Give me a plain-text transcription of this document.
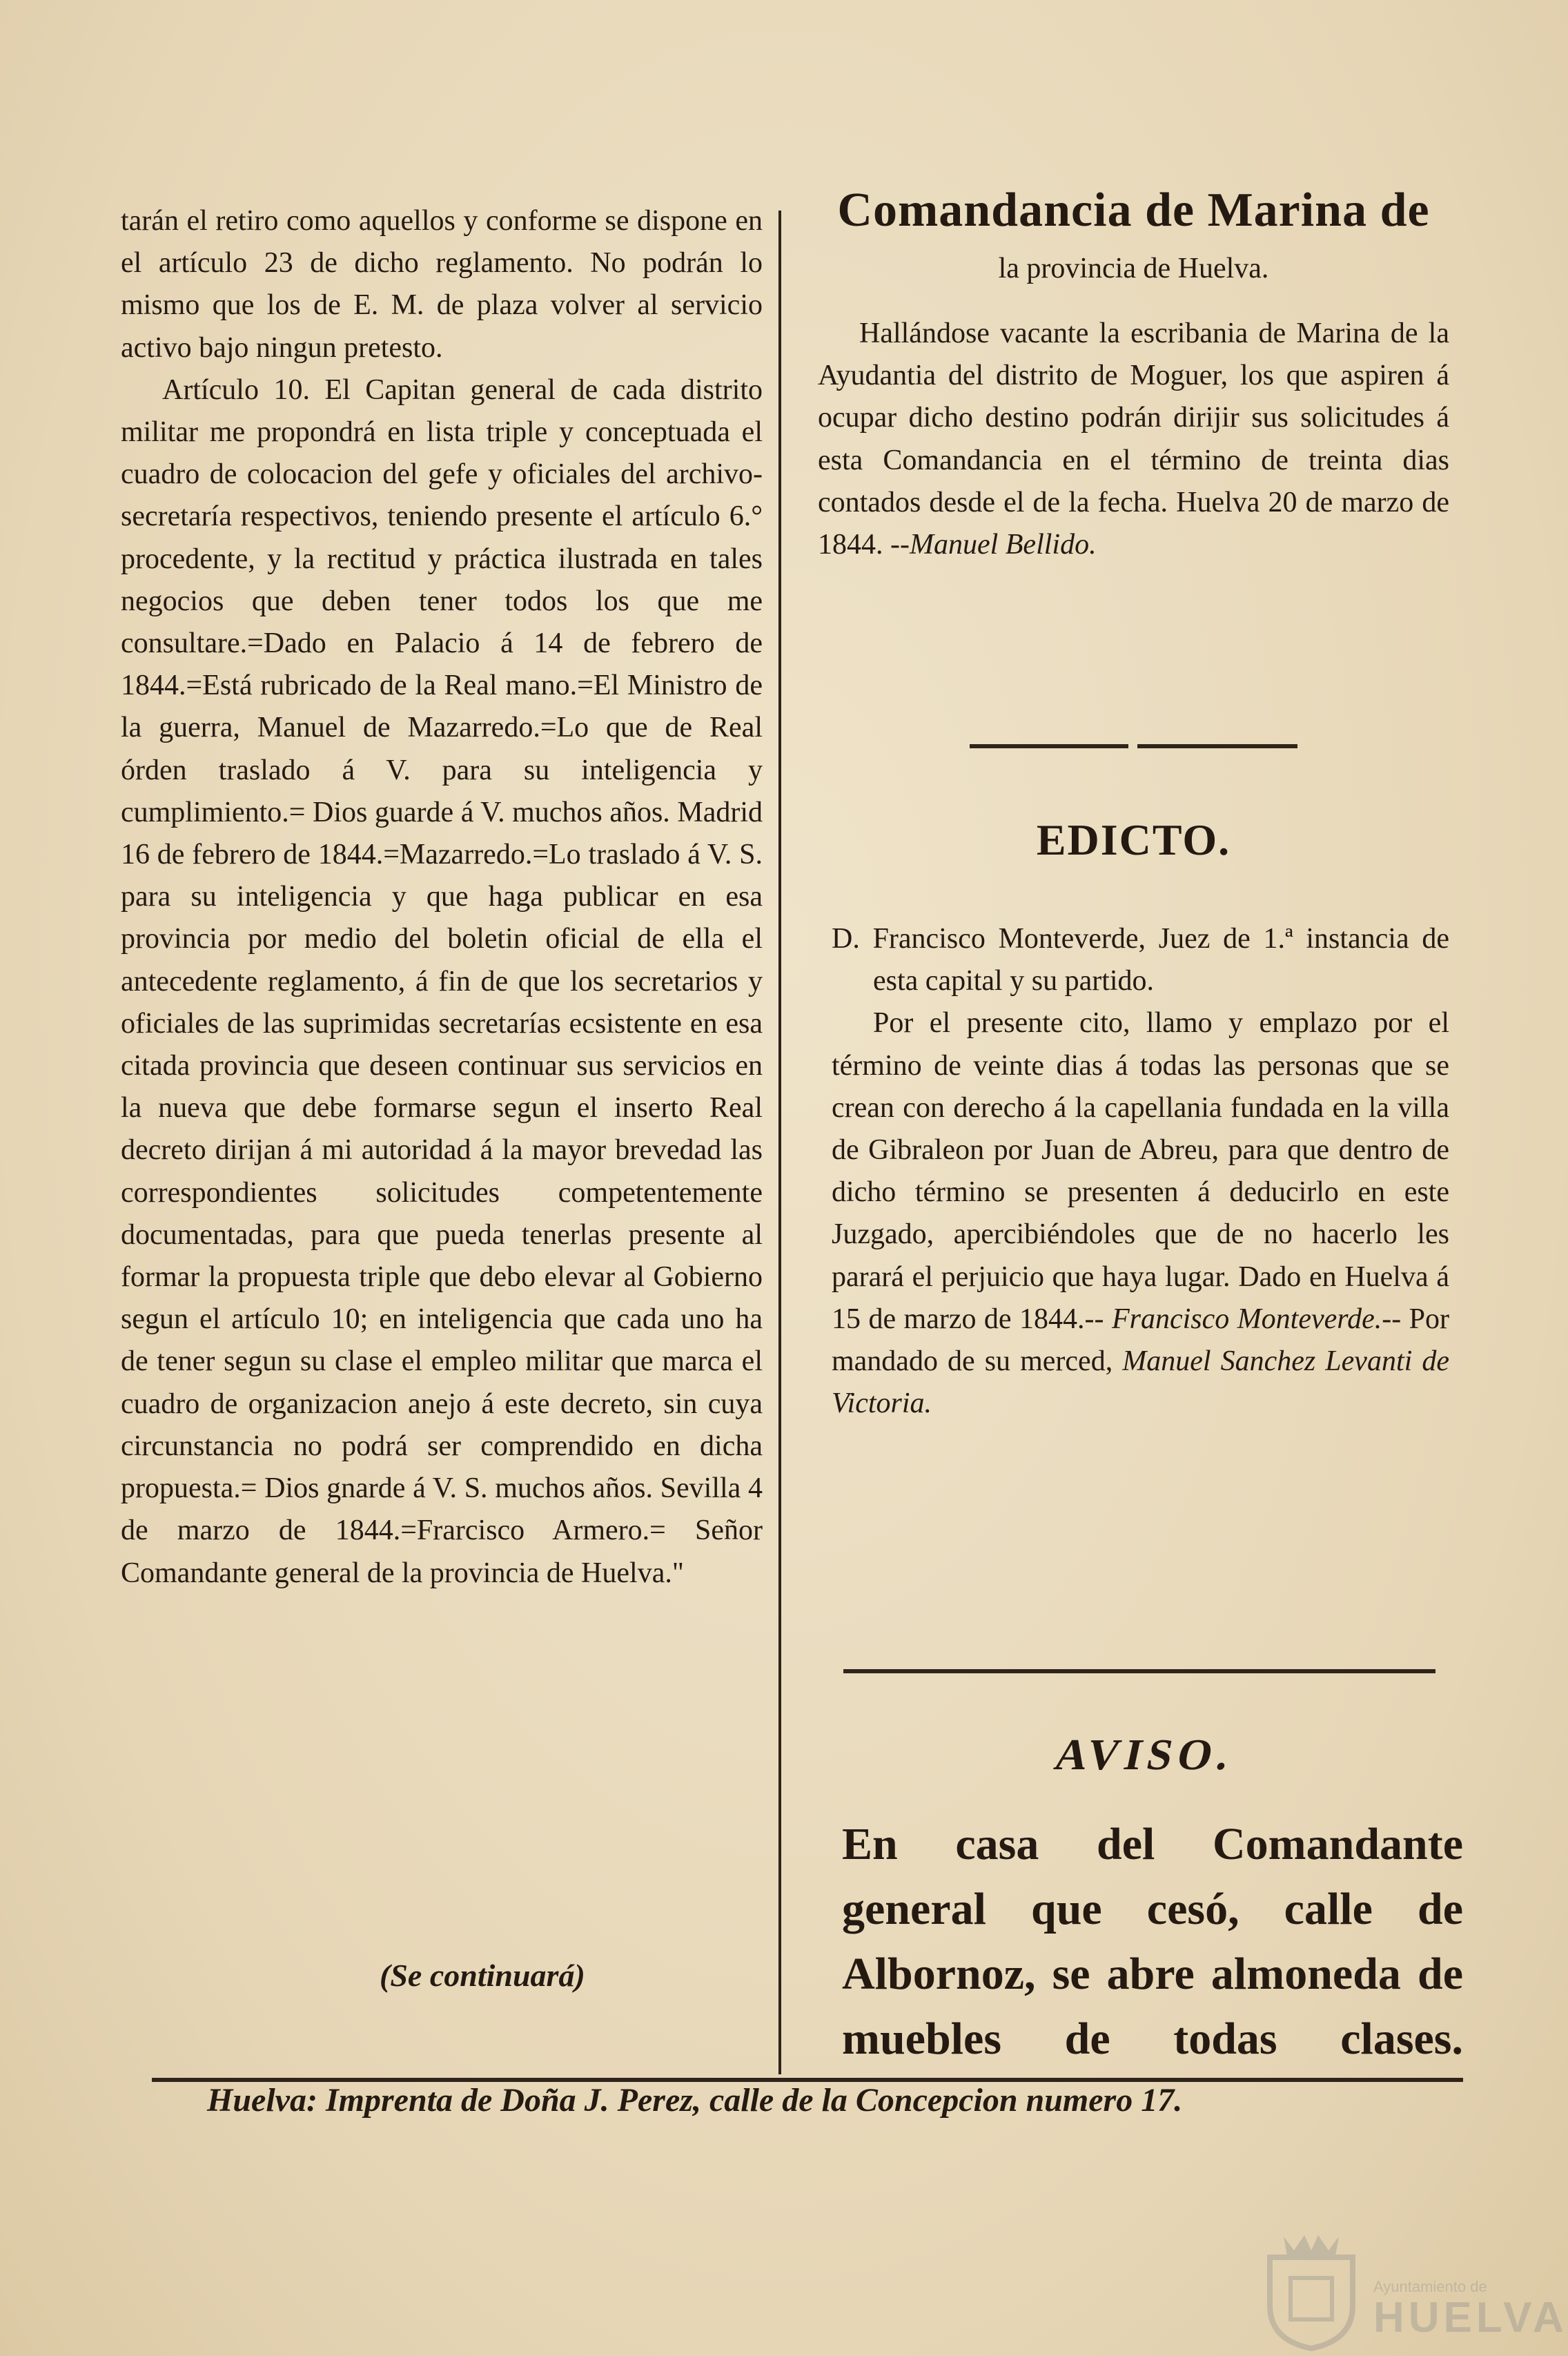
tarán el retiro como aquellos y conforme se dispone en el artículo 23 de dicho reglamento. No podrán lo mismo que los de E. M. de plaza volver al servicio activo bajo ningun pretesto.

Artículo 10. El Capitan general de cada distrito militar me propondrá en lista triple y conceptuada el cuadro de colocacion del gefe y oficiales del archivo-secretaría respectivos, teniendo presente el artículo 6.° procedente, y la rectitud y práctica ilustrada en tales negocios que deben tener todos los que me consultare.=Dado en Palacio á 14 de febrero de 1844.=Está rubricado de la Real mano.=El Ministro de la guerra, Manuel de Mazarredo.=Lo que de Real órden traslado á V. para su inteligencia y cumplimiento.= Dios guarde á V. muchos años. Madrid 16 de febrero de 1844.=Mazarredo.=Lo traslado á V. S. para su inteligencia y que haga publicar en esa provincia por medio del boletin oficial de ella el antecedente reglamento, á fin de que los secretarios y oficiales de las suprimidas secretarías ecsistente en esa citada provincia que deseen continuar sus servicios en la nueva que debe formarse segun el inserto Real decreto dirijan á mi autoridad á la mayor brevedad las correspondientes solicitudes competentemente documentadas, para que pueda tenerlas presente al formar la propuesta triple que debo elevar al Gobierno segun el artículo 10; en inteligencia que cada uno ha de tener segun su clase el empleo militar que marca el cuadro de organizacion anejo á este decreto, sin cuya circunstancia no podrá ser comprendido en dicha propuesta.= Dios gnarde á V. S. muchos años. Sevilla 4 de marzo de 1844.=Frarcisco Armero.= Señor Comandante general de la provincia de Huelva."

(Se continuará)
Comandancia de Marina de

la provincia de Huelva.

Hallándose vacante la escribania de Marina de la Ayudantia del distrito de Moguer, los que aspiren á ocupar dicho destino podrán dirijir sus solicitudes á esta Comandancia en el término de treinta dias contados desde el de la fecha. Huelva 20 de marzo de 1844. --Manuel Bellido.

EDICTO.

D. Francisco Monteverde, Juez de 1.ª instancia de esta capital y su partido.

Por el presente cito, llamo y emplazo por el término de veinte dias á todas las personas que se crean con derecho á la capellania fundada en la villa de Gibraleon por Juan de Abreu, para que dentro de dicho término se presenten á deducirlo en este Juzgado, apercibiéndoles que de no hacerlo les parará el perjuicio que haya lugar. Dado en Huelva á 15 de marzo de 1844.-- Francisco Monteverde.-- Por mandado de su merced, Manuel Sanchez Levanti de Victoria.

AVISO.
En casa del Comandante general que cesó, calle de Albornoz, se abre almoneda de muebles de todas clases.
Huelva: Imprenta de Doña J. Perez, calle de la Concepcion numero 17.
Ayuntamiento de
HUELVA
